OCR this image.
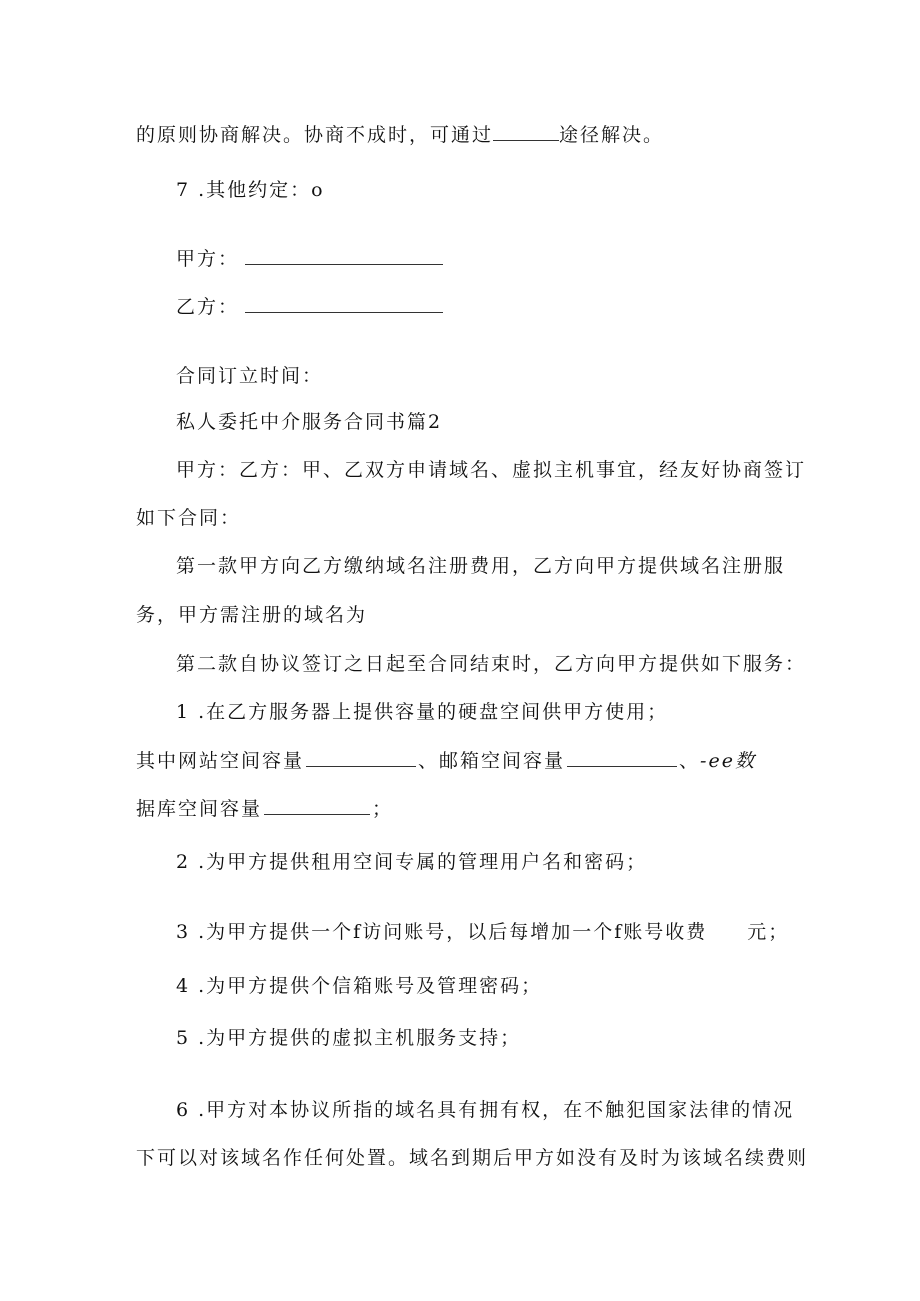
的原则协商解决。协商不成时，可通过	途径解决。
7 .其他约定：o
甲方：
乙方：
合同订立时间：
私人委托中介服务合同书篇2
甲方：乙方：甲、乙双方申请域名、虚拟主机事宜，经友好协商签订
如下合同：
第一款甲方向乙方缴纳域名注册费用，乙方向甲方提供域名注册服
务，甲方需注册的域名为
第二款自协议签订之日起至合同结束时，乙方向甲方提供如下服务：
1 .在乙方服务器上提供容量的硬盘空间供甲方使用；
其中网站空间容量	、邮箱空间容量	、-ee数
据库空间容量	；
2 .为甲方提供租用空间专属的管理用户名和密码；
3 .为甲方提供一个f访问账号，以后每增加一个f账号收费 元；
4 .为甲方提供个信箱账号及管理密码；
5 .为甲方提供的虚拟主机服务支持；
6 .甲方对本协议所指的域名具有拥有权，在不触犯国家法律的情况
下可以对该域名作任何处置。域名到期后甲方如没有及时为该域名续费则
